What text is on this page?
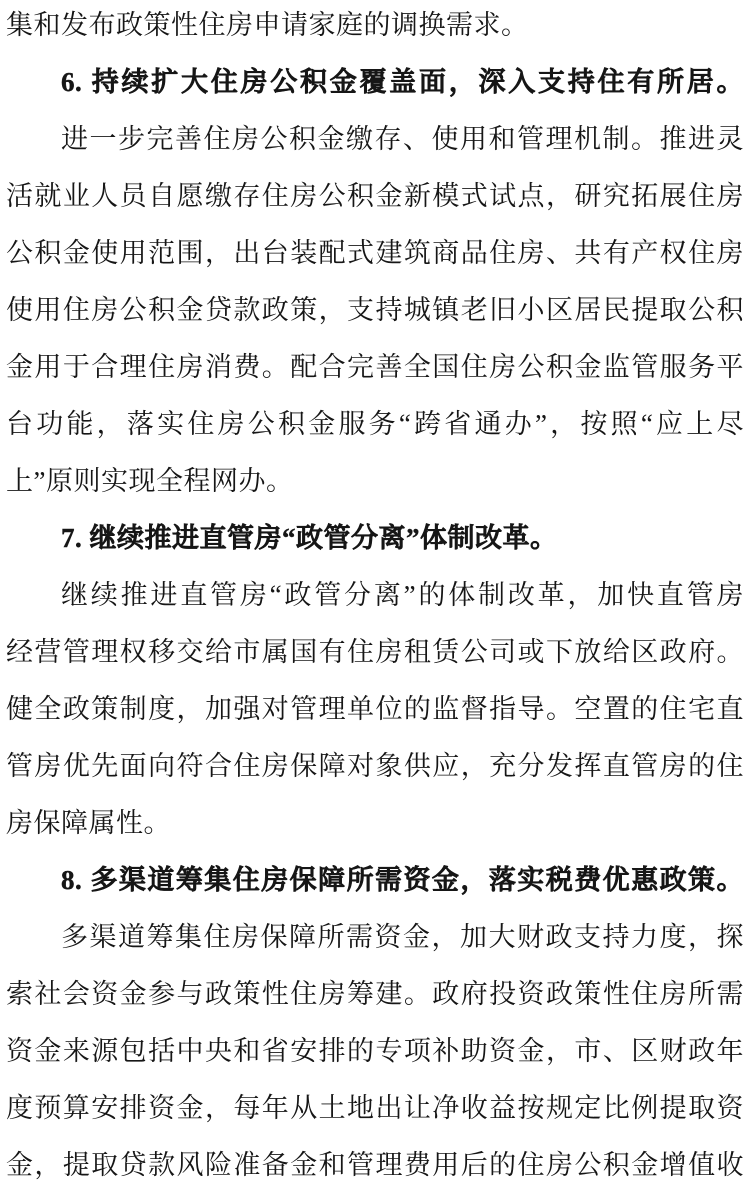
集和发布政策性住房申请家庭的调换需求。
6. 持续扩大住房公积金覆盖面，深入支持住有所居。
进一步完善住房公积金缴存、使用和管理机制。推进灵
活就业人员自愿缴存住房公积金新模式试点，研究拓展住房
公积金使用范围，出台装配式建筑商品住房、共有产权住房
使用住房公积金贷款政策，支持城镇老旧小区居民提取公积
金用于合理住房消费。配合完善全国住房公积金监管服务平
台功能，落实住房公积金服务“跨省通办”，按照“应上尽
上”原则实现全程网办。
7. 继续推进直管房“政管分离”体制改革。
继续推进直管房“政管分离”的体制改革，加快直管房
经营管理权移交给市属国有住房租赁公司或下放给区政府。
健全政策制度，加强对管理单位的监督指导。空置的住宅直
管房优先面向符合住房保障对象供应，充分发挥直管房的住
房保障属性。
8. 多渠道筹集住房保障所需资金，落实税费优惠政策。
多渠道筹集住房保障所需资金，加大财政支持力度，探
索社会资金参与政策性住房筹建。政府投资政策性住房所需
资金来源包括中央和省安排的专项补助资金，市、区财政年
度预算安排资金，每年从土地出让净收益按规定比例提取资
金，提取贷款风险准备金和管理费用后的住房公积金增值收
